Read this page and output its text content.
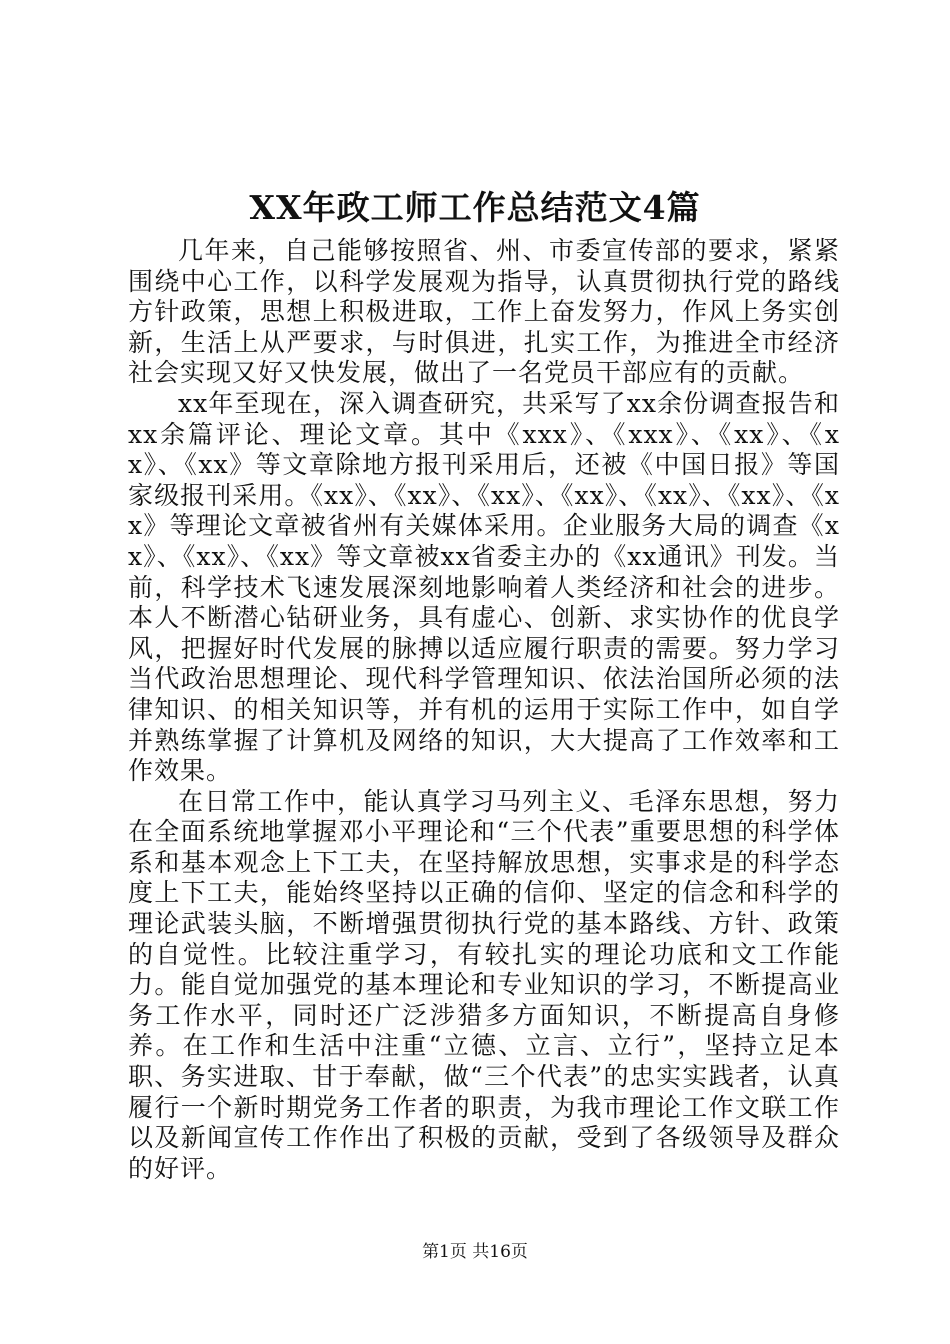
XX年政工师工作总结范文4篇

几年来，自己能够按照省、州、市委宣传部的要求，紧紧围绕中心工作，以科学发展观为指导，认真贯彻执行党的路线方针政策，思想上积极进取，工作上奋发努力，作风上务实创新，生活上从严要求，与时俱进，扎实工作，为推进全市经济社会实现又好又快发展，做出了一名党员干部应有的贡献。

xx年至现在，深入调查研究，共采写了xx余份调查报告和xx余篇评论、理论文章。其中《xxx》、《xxx》、《xx》、《xx》、《xx》等文章除地方报刊采用后，还被《中国日报》等国家级报刊采用。《xx》、《xx》、《xx》、《xx》、《xx》、《xx》、《xx》等理论文章被省州有关媒体采用。企业服务大局的调查《xx》、《xx》、《xx》等文章被xx省委主办的《xx通讯》刊发。当前，科学技术飞速发展深刻地影响着人类经济和社会的进步。本人不断潜心钻研业务，具有虚心、创新、求实协作的优良学风，把握好时代发展的脉搏以适应履行职责的需要。努力学习当代政治思想理论、现代科学管理知识、依法治国所必须的法律知识、的相关知识等，并有机的运用于实际工作中，如自学并熟练掌握了计算机及网络的知识，大大提高了工作效率和工作效果。

在日常工作中，能认真学习马列主义、毛泽东思想，努力在全面系统地掌握邓小平理论和“三个代表”重要思想的科学体系和基本观念上下工夫，在坚持解放思想，实事求是的科学态度上下工夫，能始终坚持以正确的信仰、坚定的信念和科学的理论武装头脑，不断增强贯彻执行党的基本路线、方针、政策的自觉性。比较注重学习，有较扎实的理论功底和文工作能力。能自觉加强党的基本理论和专业知识的学习，不断提高业务工作水平，同时还广泛涉猎多方面知识，不断提高自身修养。在工作和生活中注重“立德、立言、立行”，坚持立足本职、务实进取、甘于奉献，做“三个代表”的忠实实践者，认真履行一个新时期党务工作者的职责，为我市理论工作文联工作以及新闻宣传工作作出了积极的贡献，受到了各级领导及群众的好评。

第1页 共16页
